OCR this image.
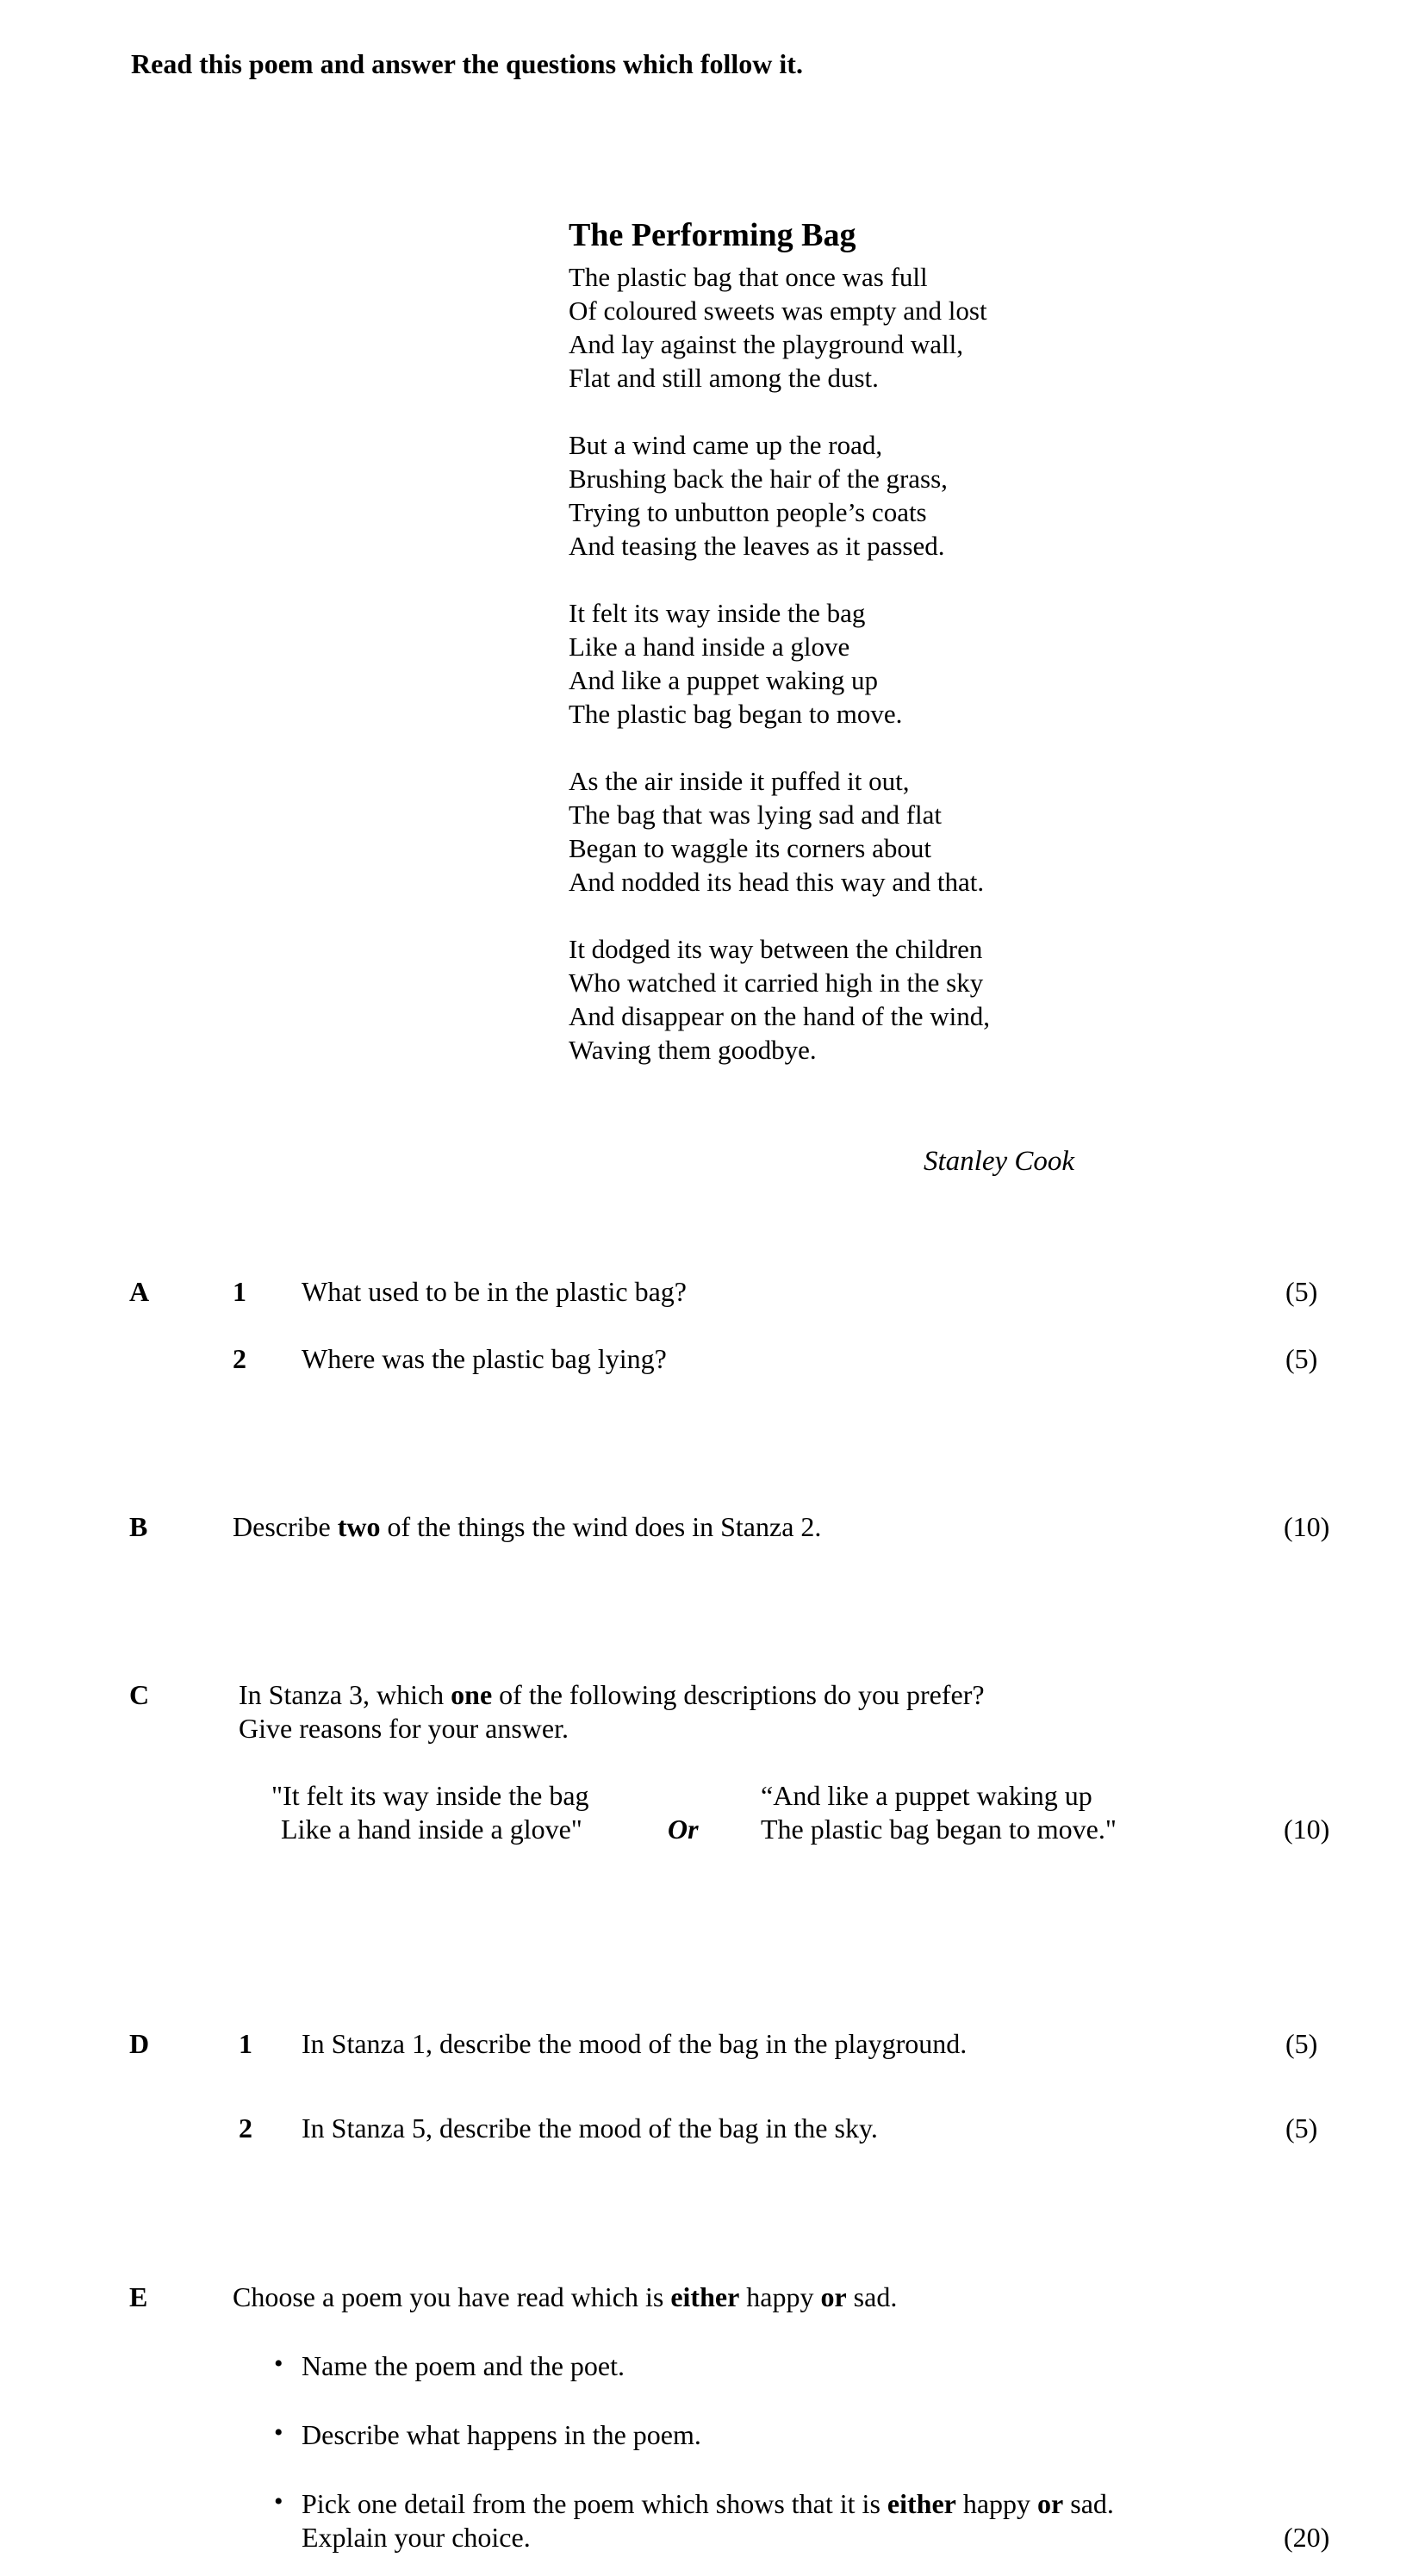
Read this poem and answer the questions which follow it.
The Performing Bag
The plastic bag that once was full
Of coloured sweets was empty and lost
And lay against the playground wall,
Flat and still among the dust.
But a wind came up the road,
Brushing back the hair of the grass,
Trying to unbutton people’s coats
And teasing the leaves as it passed.
It felt its way inside the bag
Like a hand inside a glove
And like a puppet waking up
The plastic bag began to move.
As the air inside it puffed it out,
The bag that was lying sad and flat
Began to waggle its corners about
And nodded its head this way and that.
It dodged its way between the children
Who watched it carried high in the sky
And disappear on the hand of the wind,
Waving them goodbye.
Stanley Cook
A	1 What used to be in the plastic bag?	(5)
2 Where was the plastic bag lying?	(5)
B	Describe two of the things the wind does in Stanza 2.	(10)
C	In Stanza 3, which one of the following descriptions do you prefer?
Give reasons for your answer.
"It felt its way inside the bag
Like a hand inside a glove"	Or
“And like a puppet waking up
The plastic bag began to move."	(10)
D	1 In Stanza 1, describe the mood of the bag in the playground.	(5)
2 In Stanza 5, describe the mood of the bag in the sky.	(5)
E	Choose a poem you have read which is either happy or sad.
• Name the poem and the poet.
• Describe what happens in the poem.
• Pick one detail from the poem which shows that it is either happy or sad.
Explain your choice.	(20)
